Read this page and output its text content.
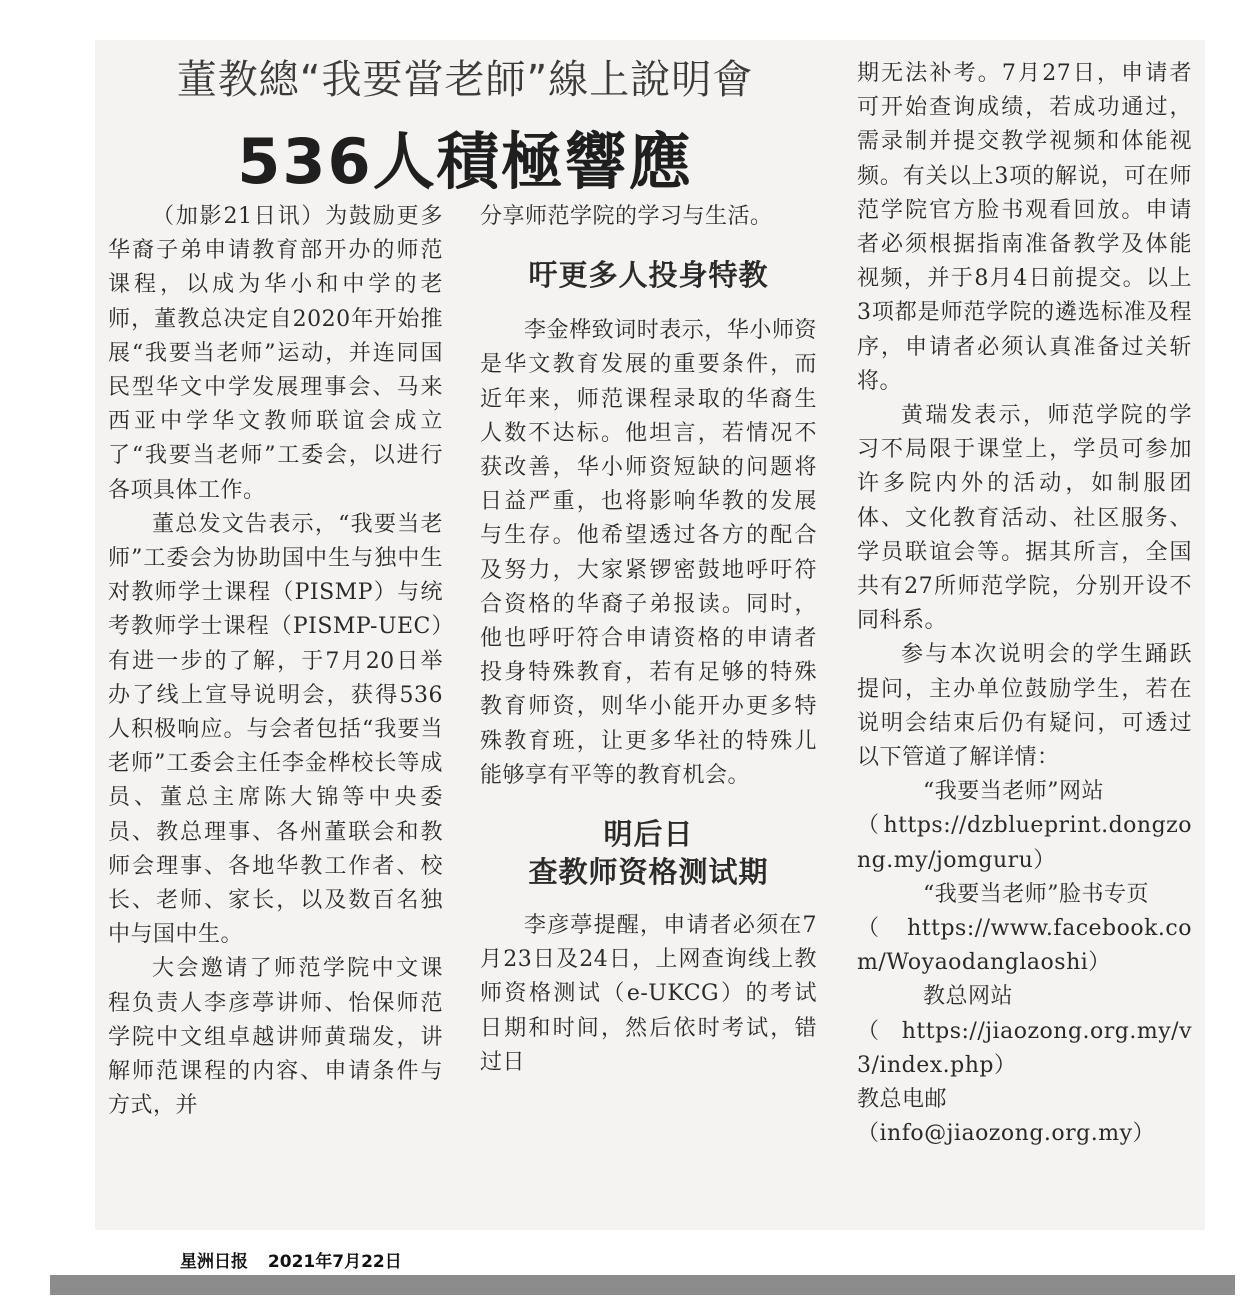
董教總“我要當老師”線上說明會
536人積極響應

（加影21日讯）为鼓励更多华裔子弟申请教育部开办的师范课程，以成为华小和中学的老师，董教总决定自2020年开始推展“我要当老师”运动，并连同国民型华文中学发展理事会、马来西亚中学华文教师联谊会成立了“我要当老师”工委会，以进行各项具体工作。

董总发文告表示，“我要当老师”工委会为协助国中生与独中生对教师学士课程（PISMP）与统考教师学士课程（PISMP-UEC）有进一步的了解，于7月20日举办了线上宣导说明会，获得536人积极响应。与会者包括“我要当老师”工委会主任李金桦校长等成员、董总主席陈大锦等中央委员、教总理事、各州董联会和教师会理事、各地华教工作者、校长、老师、家长，以及数百名独中与国中生。

大会邀请了师范学院中文课程负责人李彦葶讲师、怡保师范学院中文组卓越讲师黄瑞发，讲解师范课程的内容、申请条件与方式，并

分享师范学院的学习与生活。

吁更多人投身特教

李金桦致词时表示，华小师资是华文教育发展的重要条件，而近年来，师范课程录取的华裔生人数不达标。他坦言，若情况不获改善，华小师资短缺的问题将日益严重，也将影响华教的发展与生存。他希望透过各方的配合及努力，大家紧锣密鼓地呼吁符合资格的华裔子弟报读。同时，他也呼吁符合申请资格的申请者投身特殊教育，若有足够的特殊教育师资，则华小能开办更多特殊教育班，让更多华社的特殊儿能够享有平等的教育机会。

明后日
查教师资格测试期

李彦葶提醒，申请者必须在7月23日及24日，上网查询线上教师资格测试（e-UKCG）的考试日期和时间，然后依时考试，错过日

期无法补考。7月27日，申请者可开始查询成绩，若成功通过，需录制并提交教学视频和体能视频。有关以上3项的解说，可在师范学院官方脸书观看回放。申请者必须根据指南准备教学及体能视频，并于8月4日前提交。以上3项都是师范学院的遴选标准及程序，申请者必须认真准备过关斩将。

黄瑞发表示，师范学院的学习不局限于课堂上，学员可参加许多院内外的活动，如制服团体、文化教育活动、社区服务、学员联谊会等。据其所言，全国共有27所师范学院，分别开设不同科系。

参与本次说明会的学生踊跃提问，主办单位鼓励学生，若在说明会结束后仍有疑问，可透过以下管道了解详情：

“我要当老师”网站

（https://dzblueprint.dongzong.my/jomguru）

“我要当老师”脸书专页

（https://www.facebook.com/Woyaodanglaoshi）

教总网站

（https://jiaozong.org.my/v3/index.php）

教总电邮

（info@jiaozong.org.my）

星洲日报 2021年7月22日
